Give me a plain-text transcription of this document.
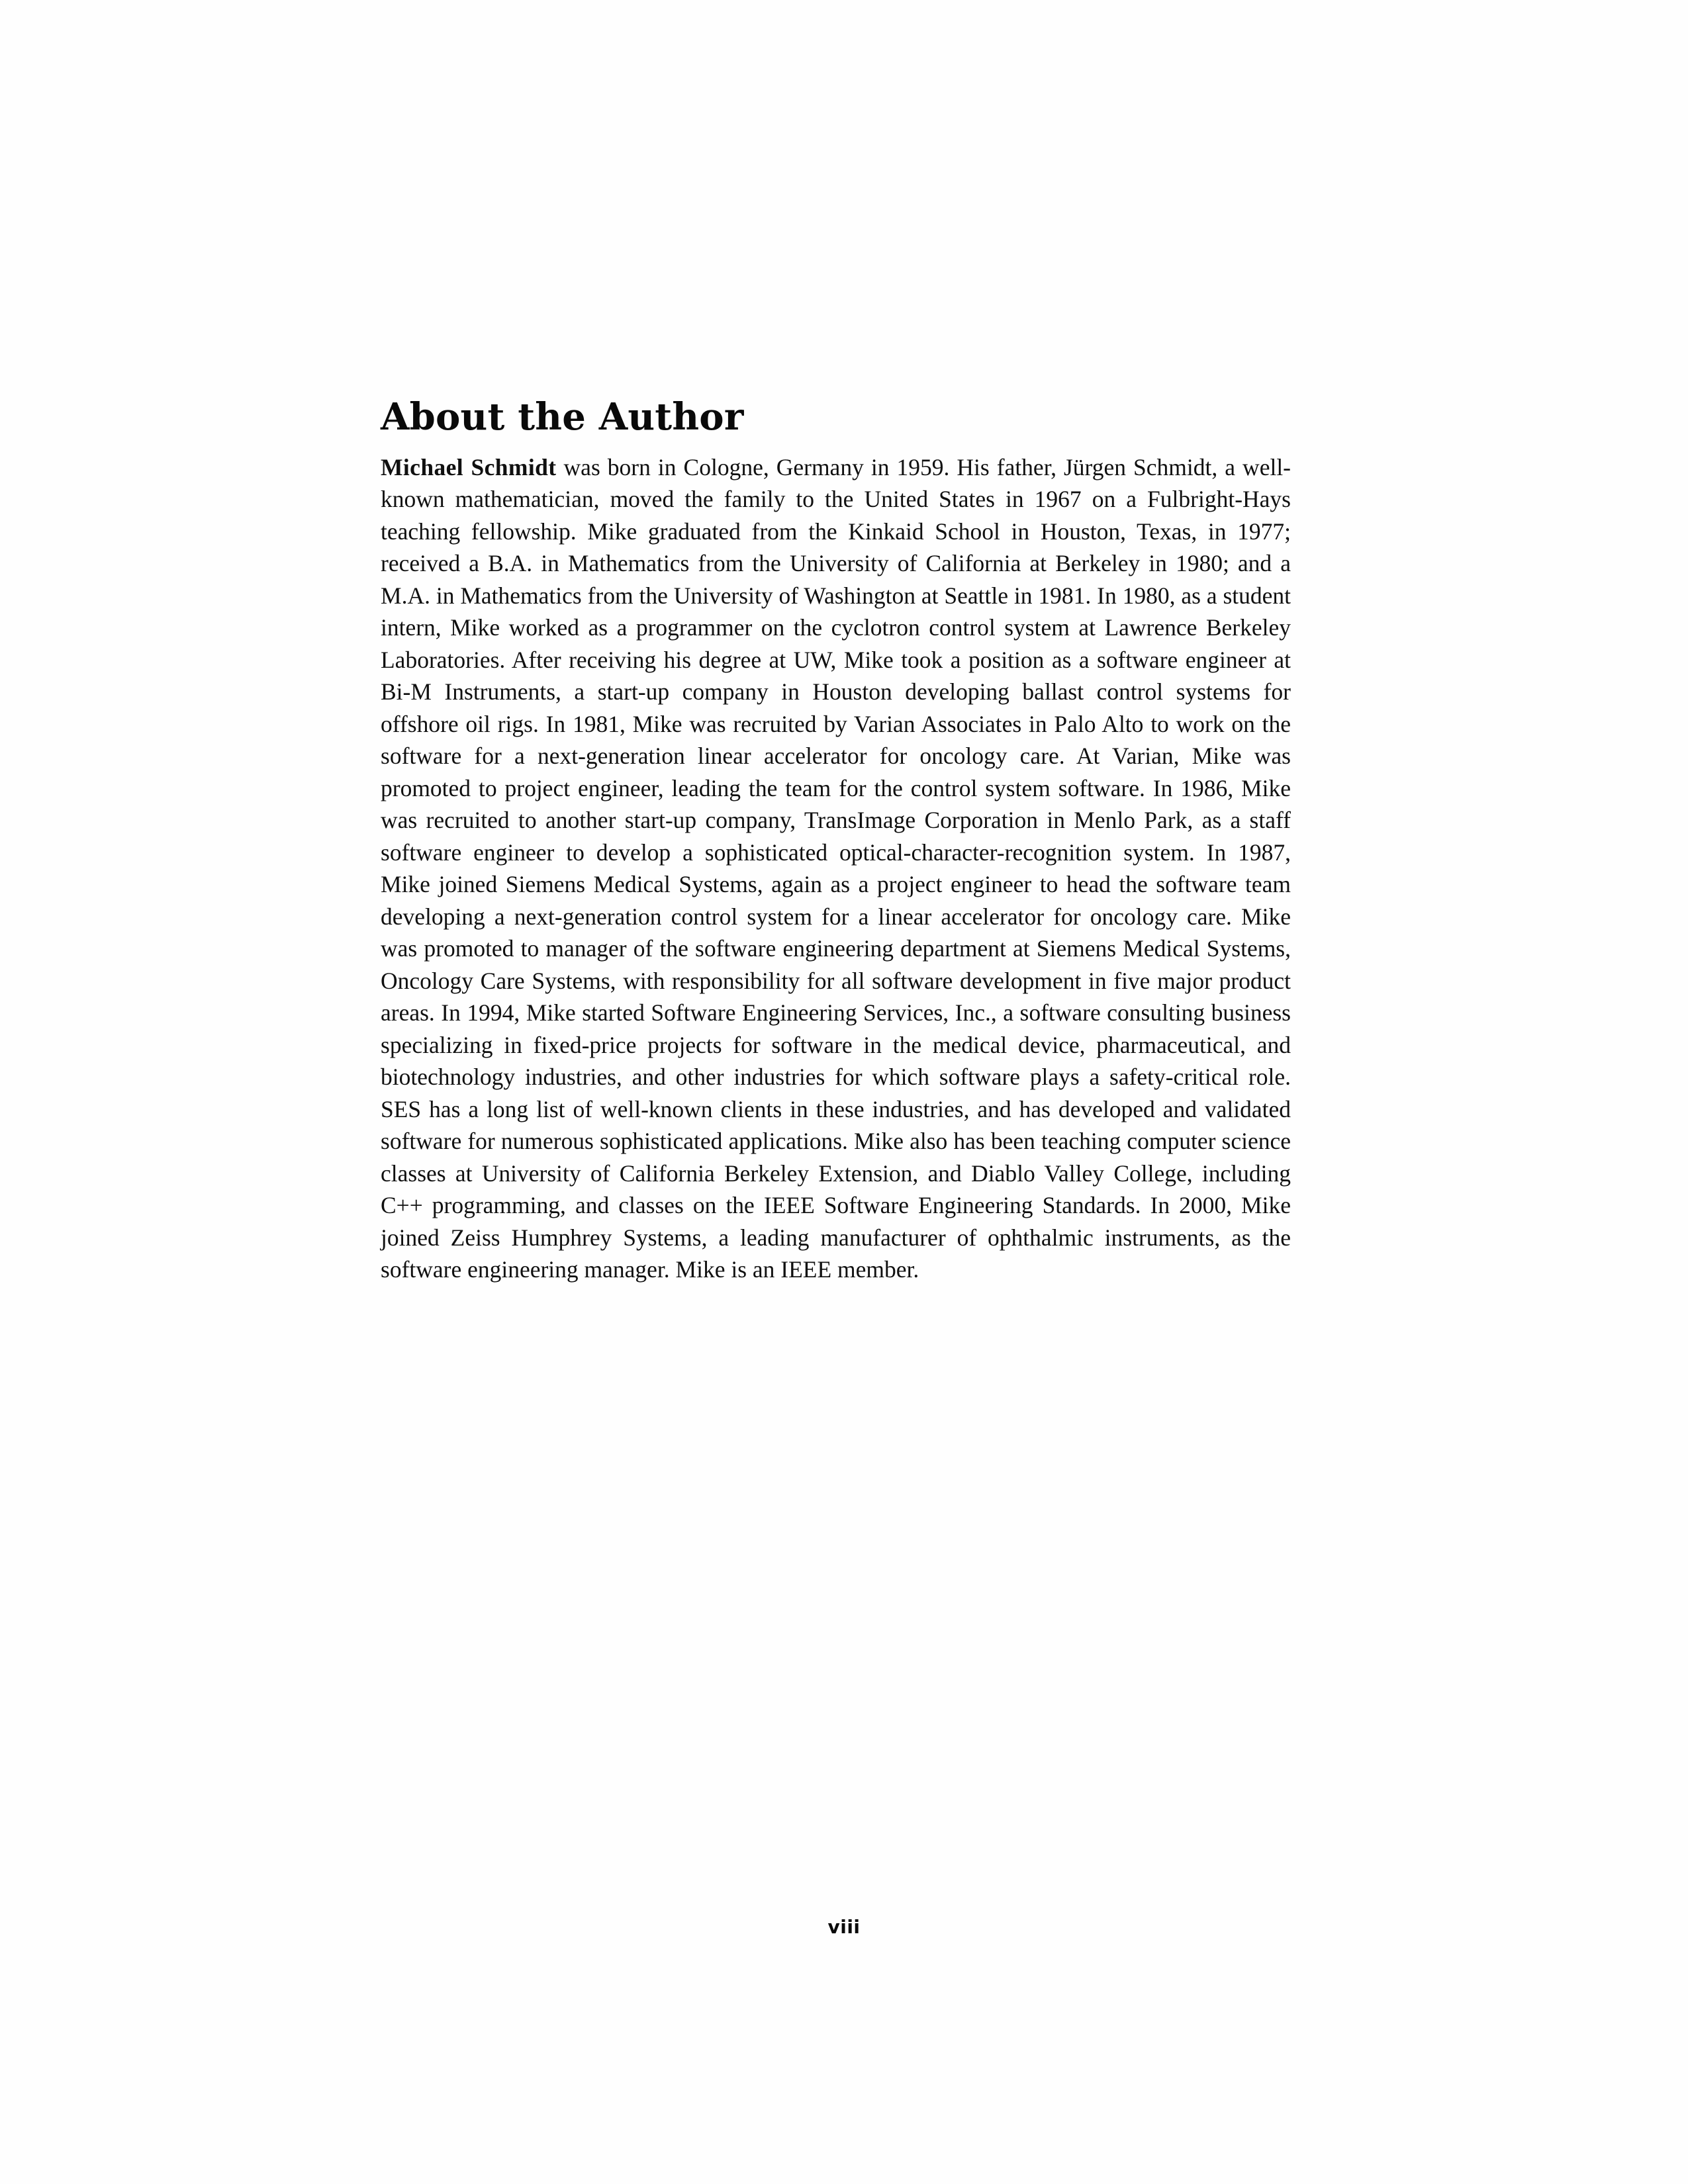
About the Author

Michael Schmidt was born in Cologne, Germany in 1959. His father, Jürgen Schmidt, a well-known mathematician, moved the family to the United States in 1967 on a Fulbright-Hays teaching fellowship. Mike graduated from the Kinkaid School in Houston, Texas, in 1977; received a B.A. in Mathematics from the University of California at Berkeley in 1980; and a M.A. in Mathematics from the University of Washington at Seattle in 1981. In 1980, as a student intern, Mike worked as a programmer on the cyclotron control system at Lawrence Berkeley Laboratories. After receiving his degree at UW, Mike took a position as a software engineer at Bi-M Instruments, a start-up company in Houston developing ballast control systems for offshore oil rigs. In 1981, Mike was recruited by Varian Associates in Palo Alto to work on the software for a next-generation linear accelerator for oncology care. At Varian, Mike was promoted to project engineer, leading the team for the control system software. In 1986, Mike was recruited to another start-up company, TransImage Corporation in Menlo Park, as a staff software engineer to develop a sophisticated optical-character-recognition system. In 1987, Mike joined Siemens Medical Systems, again as a project engineer to head the software team developing a next-generation control system for a linear accelerator for oncology care. Mike was promoted to manager of the software engineering department at Siemens Medical Systems, Oncology Care Systems, with responsibility for all software development in five major product areas. In 1994, Mike started Software Engineering Services, Inc., a software consulting business specializing in fixed-price projects for software in the medical device, pharmaceutical, and biotechnology industries, and other industries for which software plays a safety-critical role. SES has a long list of well-known clients in these industries, and has developed and validated software for numerous sophisticated applications. Mike also has been teaching computer science classes at University of California Berkeley Extension, and Diablo Valley College, including C++ programming, and classes on the IEEE Software Engineering Standards. In 2000, Mike joined Zeiss Humphrey Systems, a leading manufacturer of ophthalmic instruments, as the software engineering manager. Mike is an IEEE member.

viii
